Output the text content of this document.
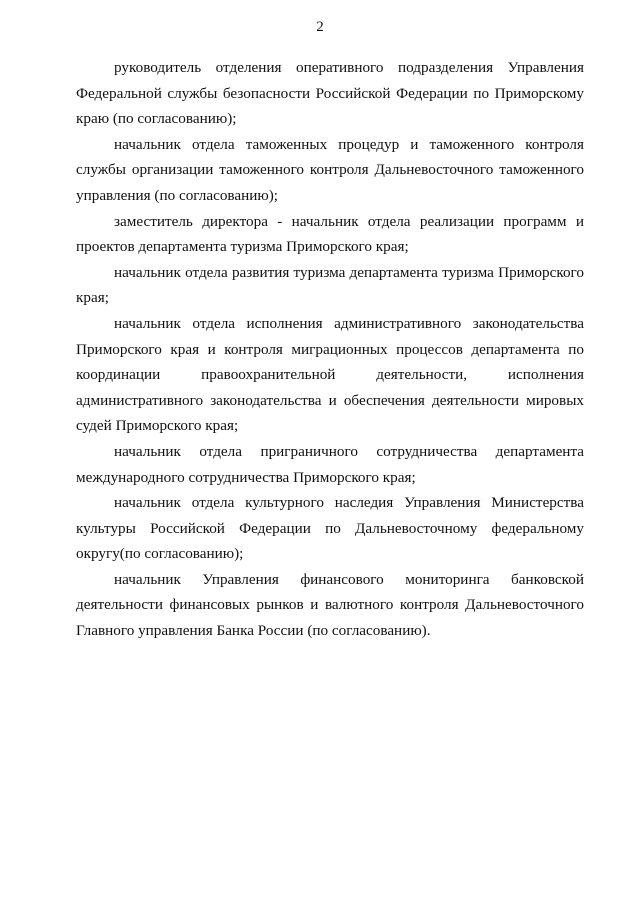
2

руководитель отделения оперативного подразделения Управления Федеральной службы безопасности Российской Федерации по Приморскому краю (по согласованию);

начальник отдела таможенных процедур и таможенного контроля службы организации таможенного контроля Дальневосточного таможенного управления (по согласованию);

заместитель директора - начальник отдела реализации программ и проектов департамента туризма Приморского края;

начальник отдела развития туризма департамента туризма Приморского края;

начальник отдела исполнения административного законодательства Приморского края и контроля миграционных процессов департамента по координации правоохранительной деятельности, исполнения административного законодательства и обеспечения деятельности мировых судей Приморского края;

начальник отдела приграничного сотрудничества департамента международного сотрудничества Приморского края;

начальник отдела культурного наследия Управления Министерства культуры Российской Федерации по Дальневосточному федеральному округу(по согласованию);

начальник Управления финансового мониторинга банковской деятельности финансовых рынков и валютного контроля Дальневосточного Главного управления Банка России (по согласованию).
